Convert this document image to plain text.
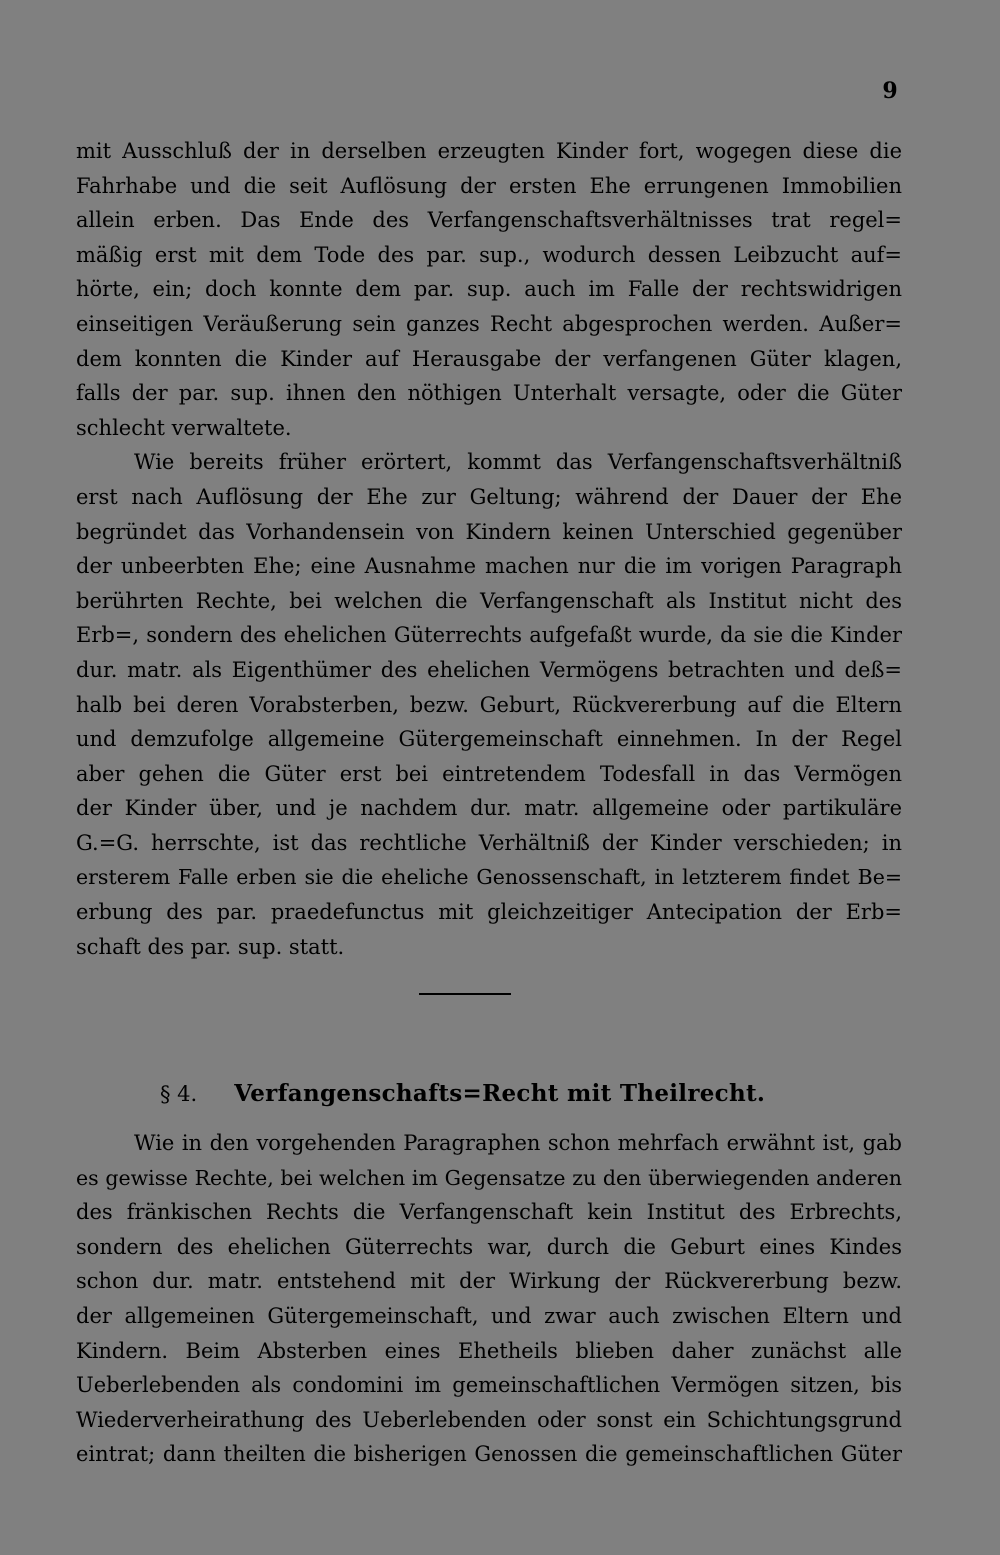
9
mit Ausschluß der in derselben erzeugten Kinder fort, wogegen diese die
Fahrhabe und die seit Auflösung der ersten Ehe errungenen Immobilien
allein erben. Das Ende des Verfangenschaftsverhältnisses trat regel=
mäßig erst mit dem Tode des par. sup., wodurch dessen Leibzucht auf=
hörte, ein; doch konnte dem par. sup. auch im Falle der rechtswidrigen
einseitigen Veräußerung sein ganzes Recht abgesprochen werden. Außer=
dem konnten die Kinder auf Herausgabe der verfangenen Güter klagen,
falls der par. sup. ihnen den nöthigen Unterhalt versagte, oder die Güter
schlecht verwaltete.
Wie bereits früher erörtert, kommt das Verfangenschaftsverhältniß
erst nach Auflösung der Ehe zur Geltung; während der Dauer der Ehe
begründet das Vorhandensein von Kindern keinen Unterschied gegenüber
der unbeerbten Ehe; eine Ausnahme machen nur die im vorigen Paragraph
berührten Rechte, bei welchen die Verfangenschaft als Institut nicht des
Erb=, sondern des ehelichen Güterrechts aufgefaßt wurde, da sie die Kinder
dur. matr. als Eigenthümer des ehelichen Vermögens betrachten und deß=
halb bei deren Vorabsterben, bezw. Geburt, Rückvererbung auf die Eltern
und demzufolge allgemeine Gütergemeinschaft einnehmen. In der Regel
aber gehen die Güter erst bei eintretendem Todesfall in das Vermögen
der Kinder über, und je nachdem dur. matr. allgemeine oder partikuläre
G.=G. herrschte, ist das rechtliche Verhältniß der Kinder verschieden; in
ersterem Falle erben sie die eheliche Genossenschaft, in letzterem findet Be=
erbung des par. praedefunctus mit gleichzeitiger Antecipation der Erb=
schaft des par. sup. statt.
§ 4. Verfangenschafts=Recht mit Theilrecht.
Wie in den vorgehenden Paragraphen schon mehrfach erwähnt ist, gab
es gewisse Rechte, bei welchen im Gegensatze zu den überwiegenden anderen
des fränkischen Rechts die Verfangenschaft kein Institut des Erbrechts,
sondern des ehelichen Güterrechts war, durch die Geburt eines Kindes
schon dur. matr. entstehend mit der Wirkung der Rückvererbung bezw.
der allgemeinen Gütergemeinschaft, und zwar auch zwischen Eltern und
Kindern. Beim Absterben eines Ehetheils blieben daher zunächst alle
Ueberlebenden als condomini im gemeinschaftlichen Vermögen sitzen, bis
Wiederverheirathung des Ueberlebenden oder sonst ein Schichtungsgrund
eintrat; dann theilten die bisherigen Genossen die gemeinschaftlichen Güter
